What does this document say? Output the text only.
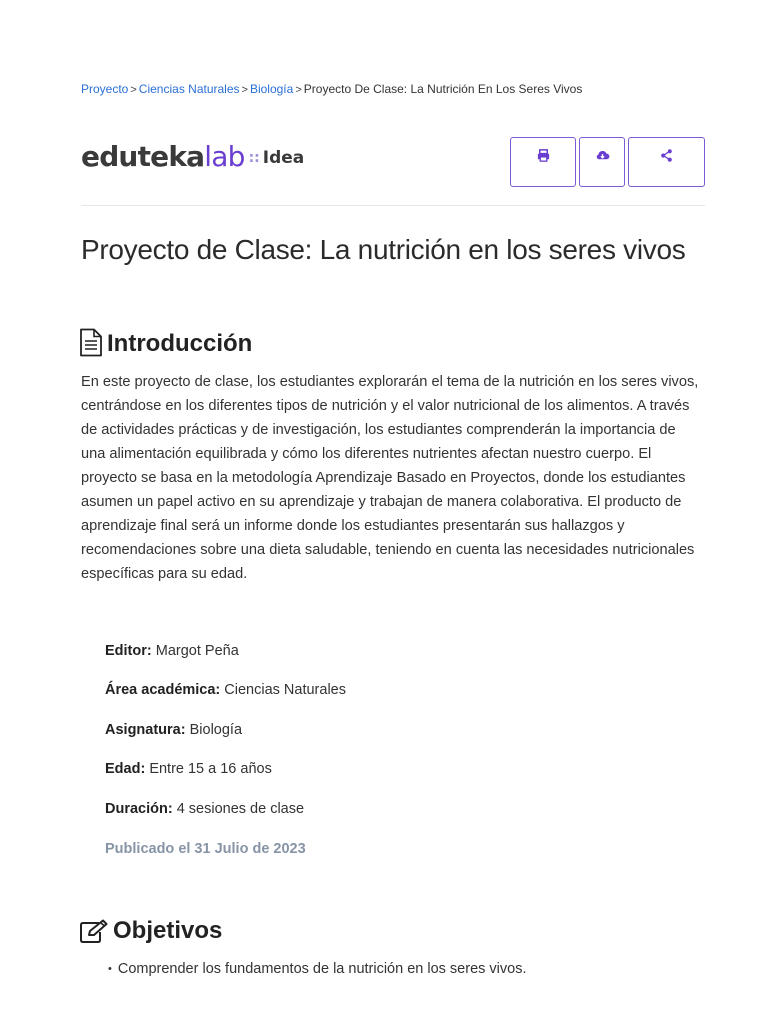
Proyecto > Ciencias Naturales > Biología > Proyecto De Clase: La Nutrición En Los Seres Vivos
edutekalab :: Idea
Proyecto de Clase: La nutrición en los seres vivos
Introducción

En este proyecto de clase, los estudiantes explorarán el tema de la nutrición en los seres vivos, centrándose en los diferentes tipos de nutrición y el valor nutricional de los alimentos. A través de actividades prácticas y de investigación, los estudiantes comprenderán la importancia de una alimentación equilibrada y cómo los diferentes nutrientes afectan nuestro cuerpo. El proyecto se basa en la metodología Aprendizaje Basado en Proyectos, donde los estudiantes asumen un papel activo en su aprendizaje y trabajan de manera colaborativa. El producto de aprendizaje final será un informe donde los estudiantes presentarán sus hallazgos y recomendaciones sobre una dieta saludable, teniendo en cuenta las necesidades nutricionales específicas para su edad.

Editor: Margot Peña
Área académica: Ciencias Naturales
Asignatura: Biología
Edad: Entre 15 a 16 años
Duración: 4 sesiones de clase
Publicado el 31 Julio de 2023
Objetivos
• Comprender los fundamentos de la nutrición en los seres vivos.
